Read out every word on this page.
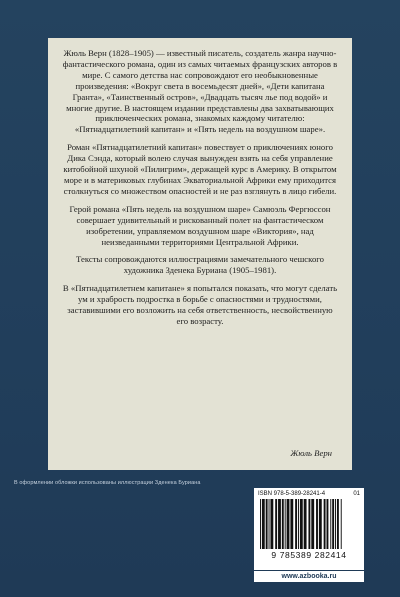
Жюль Верн (1828–1905) — известный писатель, создатель жанра научно-фантастического романа, один из самых читаемых французских авторов в мире. С самого детства нас сопровождают его необыкновенные произведения: «Вокруг света в восемьдесят дней», «Дети капитана Гранта», «Таинственный остров», «Двадцать тысяч лье под водой» и многие другие. В настоящем издании представлены два захватывающих приключенческих романа, знакомых каждому читателю: «Пятнадцатилетний капитан» и «Пять недель на воздушном шаре».

Роман «Пятнадцатилетний капитан» повествует о приключениях юного Дика Сэнда, который волею случая вынужден взять на себя управление китобойной шхуной «Пилигрим», держащей курс в Америку. В открытом море и в материковых глубинах Экваториальной Африки ему приходится столкнуться со множеством опасностей и не раз взглянуть в лицо гибели.

Герой романа «Пять недель на воздушном шаре» Самюэль Фергюссон совершает удивительный и рискованный полет на фантастическом изобретении, управляемом воздушном шаре «Виктория», над неизведанными территориями Центральной Африки.

Тексты сопровождаются иллюстрациями замечательного чешского художника Зденека Буриана (1905–1981).

В «Пятнадцатилетнем капитане» я попытался показать, что могут сделать ум и храбрость подростка в борьбе с опасностями и трудностями, заставившими его возложить на себя ответственность, несвойственную его возрасту.

Жюль Верн
В оформлении обложки использованы иллюстрации Зденека Буриана
ISBN 978-5-389-28241-4	01
9 785389 282414
www.azbooka.ru
